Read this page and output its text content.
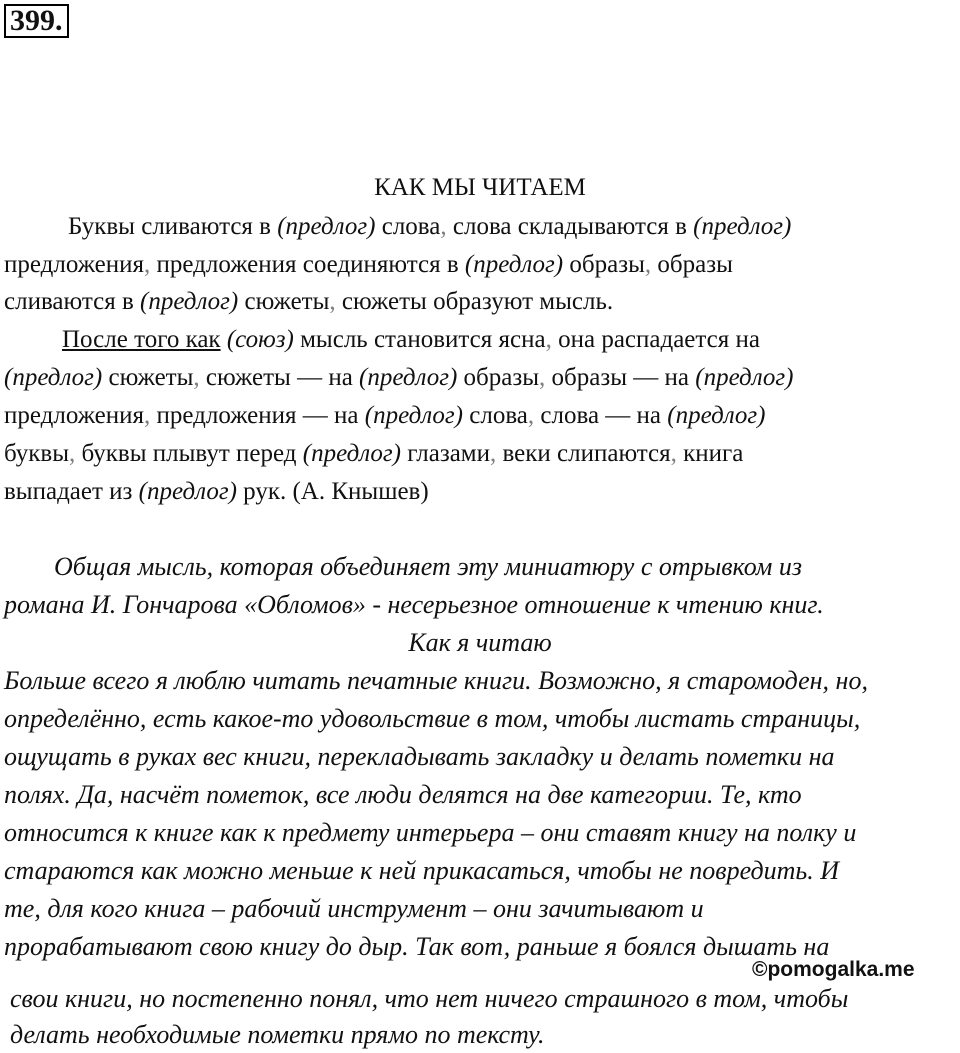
399.
КАК МЫ ЧИТАЕМ
Буквы сливаются в (предлог) слова, слова складываются в (предлог)
предложения, предложения соединяются в (предлог) образы, образы
сливаются в (предлог) сюжеты, сюжеты образуют мысль.
После того как (союз) мысль становится ясна, она распадается на
(предлог) сюжеты, сюжеты — на (предлог) образы, образы — на (предлог)
предложения, предложения — на (предлог) слова, слова — на (предлог)
буквы, буквы плывут перед (предлог) глазами, веки слипаются, книга
выпадает из (предлог) рук. (А. Кнышев)
Общая мысль, которая объединяет эту миниатюру с отрывком из
романа И. Гончарова «Обломов» - несерьезное отношение к чтению книг.
Как я читаю
Больше всего я люблю читать печатные книги. Возможно, я старомоден, но,
определённо, есть какое-то удовольствие в том, чтобы листать страницы,
ощущать в руках вес книги, перекладывать закладку и делать пометки на
полях. Да, насчёт пометок, все люди делятся на две категории. Те, кто
относится к книге как к предмету интерьера – они ставят книгу на полку и
стараются как можно меньше к ней прикасаться, чтобы не повредить. И
те, для кого книга – рабочий инструмент – они зачитывают и
прорабатывают свою книгу до дыр. Так вот, раньше я боялся дышать на
свои книги, но постепенно понял, что нет ничего страшного в том, чтобы
делать необходимые пометки прямо по тексту.
©pomogalka.me
